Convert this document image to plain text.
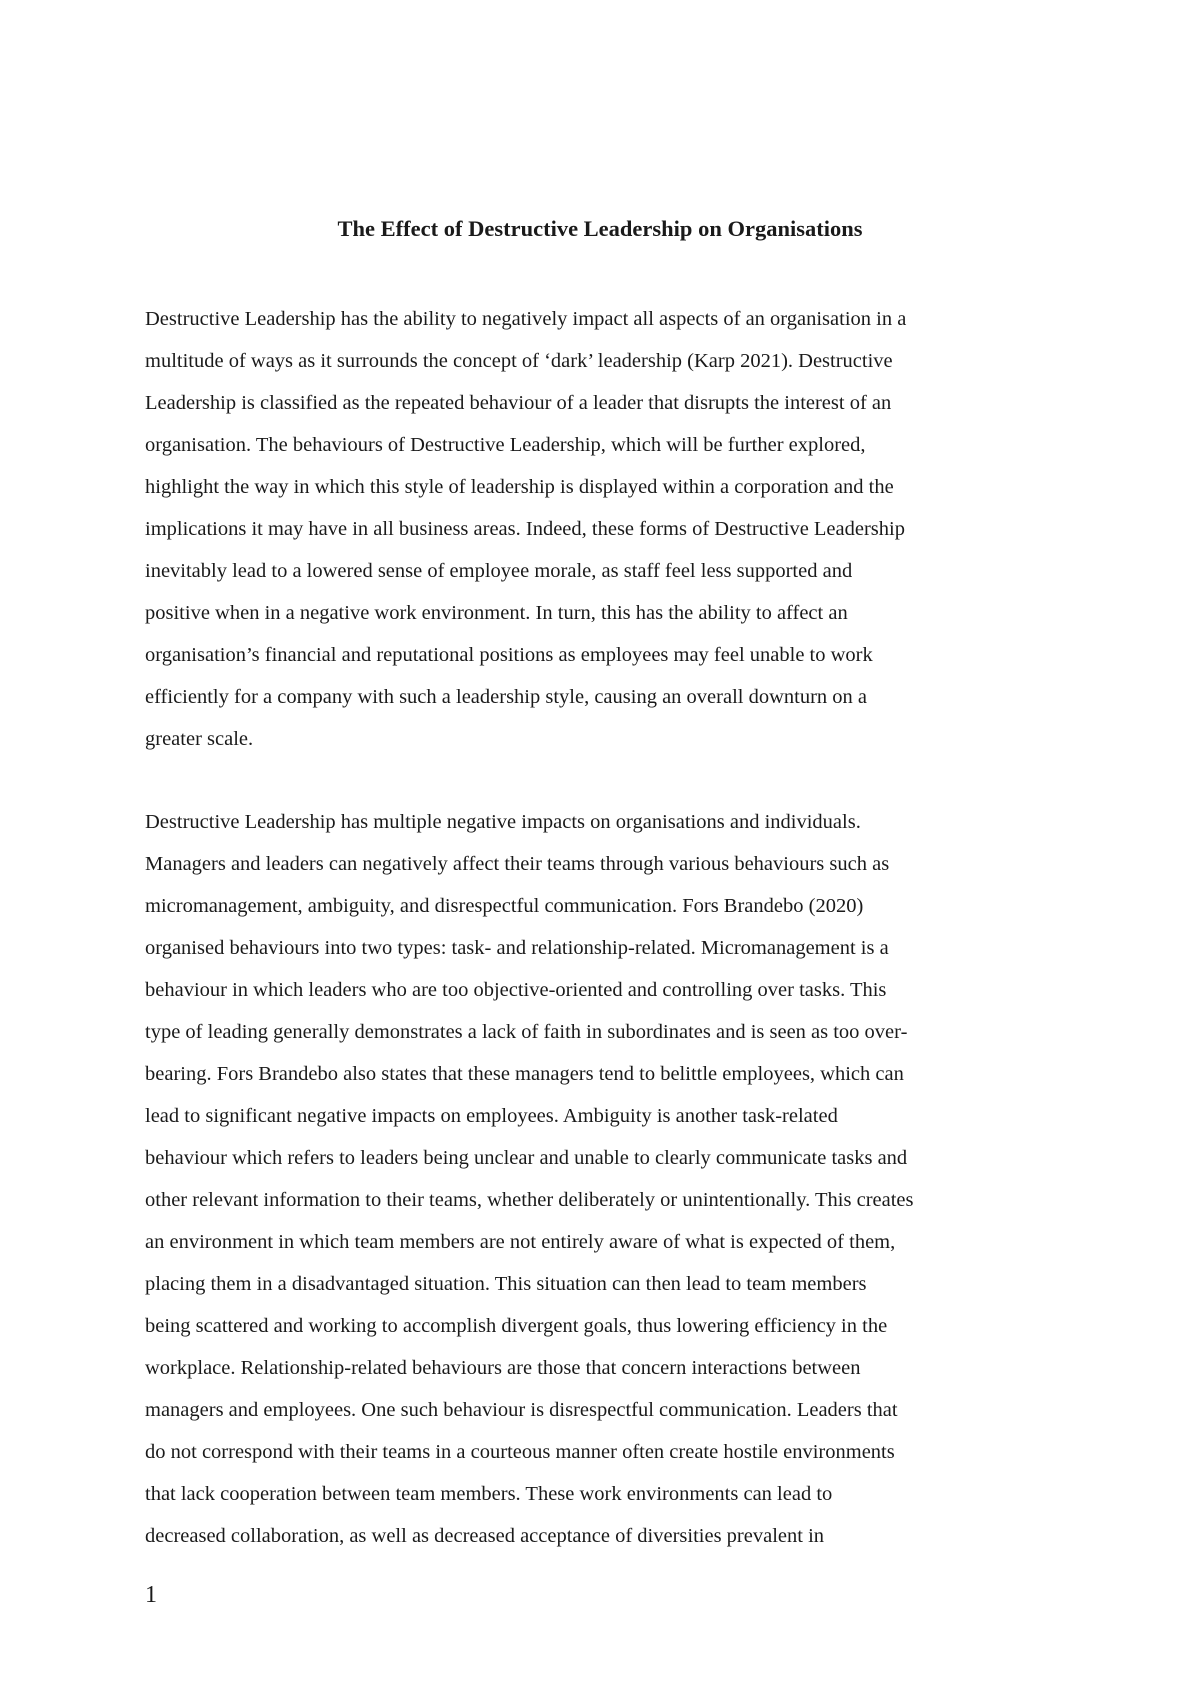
The Effect of Destructive Leadership on Organisations

Destructive Leadership has the ability to negatively impact all aspects of an organisation in a

multitude of ways as it surrounds the concept of ‘dark’ leadership (Karp 2021). Destructive

Leadership is classified as the repeated behaviour of a leader that disrupts the interest of an

organisation. The behaviours of Destructive Leadership, which will be further explored,

highlight the way in which this style of leadership is displayed within a corporation and the

implications it may have in all business areas. Indeed, these forms of Destructive Leadership

inevitably lead to a lowered sense of employee morale, as staff feel less supported and

positive when in a negative work environment. In turn, this has the ability to affect an

organisation’s financial and reputational positions as employees may feel unable to work

efficiently for a company with such a leadership style, causing an overall downturn on a

greater scale.

Destructive Leadership has multiple negative impacts on organisations and individuals.

Managers and leaders can negatively affect their teams through various behaviours such as

micromanagement, ambiguity, and disrespectful communication. Fors Brandebo (2020)

organised behaviours into two types: task- and relationship-related. Micromanagement is a

behaviour in which leaders who are too objective-oriented and controlling over tasks. This

type of leading generally demonstrates a lack of faith in subordinates and is seen as too over-

bearing. Fors Brandebo also states that these managers tend to belittle employees, which can

lead to significant negative impacts on employees. Ambiguity is another task-related

behaviour which refers to leaders being unclear and unable to clearly communicate tasks and

other relevant information to their teams, whether deliberately or unintentionally. This creates

an environment in which team members are not entirely aware of what is expected of them,

placing them in a disadvantaged situation. This situation can then lead to team members

being scattered and working to accomplish divergent goals, thus lowering efficiency in the

workplace. Relationship-related behaviours are those that concern interactions between

managers and employees. One such behaviour is disrespectful communication. Leaders that

do not correspond with their teams in a courteous manner often create hostile environments

that lack cooperation between team members. These work environments can lead to

decreased collaboration, as well as decreased acceptance of diversities prevalent in

1
